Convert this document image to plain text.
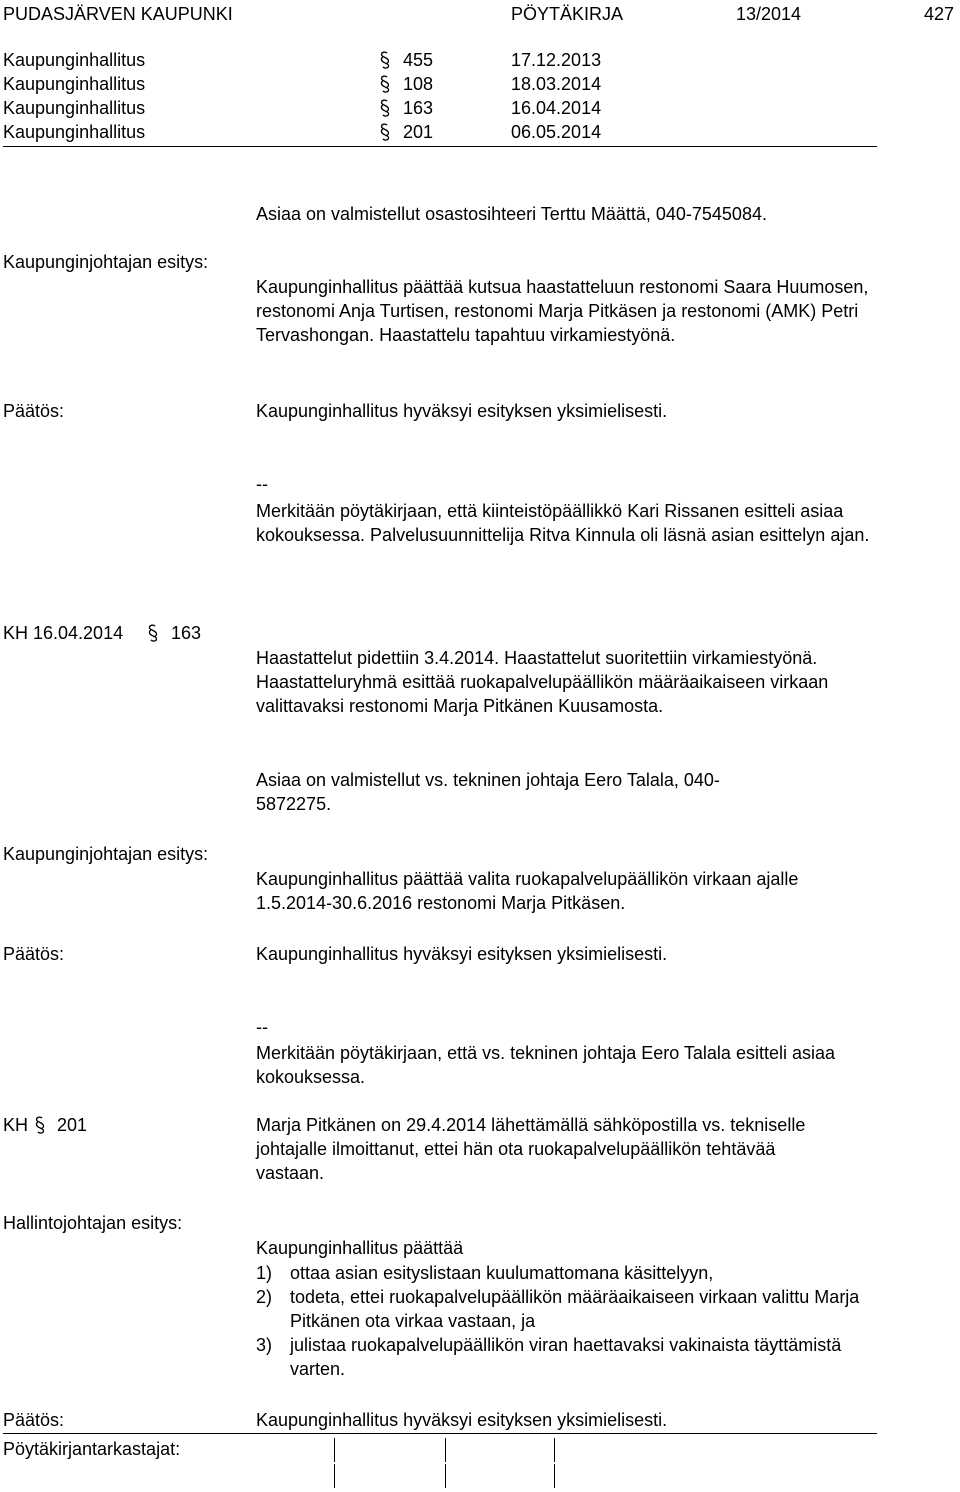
PUDASJÄRVEN KAUPUNKI	PÖYTÄKIRJA	13/2014	427
Kaupunginhallitus	455	17.12.2013
Kaupunginhallitus	108	18.03.2014
Kaupunginhallitus	163	16.04.2014
Kaupunginhallitus	201	06.05.2014
Asiaa on valmistellut osastosihteeri Terttu Määttä, 040-7545084.
Kaupunginjohtajan esitys:
Kaupunginhallitus päättää kutsua haastatteluun restonomi Saara Huumosen, restonomi Anja Turtisen, restonomi Marja Pitkäsen ja restonomi (AMK) Petri Tervashongan. Haastattelu tapahtuu virkamiestyönä.
Päätös:	Kaupunginhallitus hyväksyi esityksen yksimielisesti.
--
Merkitään pöytäkirjaan, että kiinteistöpäällikkö Kari Rissanen esitteli asiaa kokouksessa. Palvelusuunnittelija Ritva Kinnula oli läsnä asian esittelyn ajan.
KH 16.04.2014	163
Haastattelut pidettiin 3.4.2014. Haastattelut suoritettiin virkamiestyönä. Haastatteluryhmä esittää ruokapalvelupäällikön määräaikaiseen virkaan valittavaksi restonomi Marja Pitkänen Kuusamosta.
Asiaa on valmistellut vs. tekninen johtaja Eero Talala, 040-5872275.
Kaupunginjohtajan esitys:
Kaupunginhallitus päättää valita ruokapalvelupäällikön virkaan ajalle 1.5.2014-30.6.2016 restonomi Marja Pitkäsen.
Päätös:	Kaupunginhallitus hyväksyi esityksen yksimielisesti.
--
Merkitään pöytäkirjaan, että vs. tekninen johtaja Eero Talala esitteli asiaa kokouksessa.
KH 201	Marja Pitkänen on 29.4.2014 lähettämällä sähköpostilla vs. tekniselle johtajalle ilmoittanut, ettei hän ota ruokapalvelupäällikön tehtävää vastaan.
Hallintojohtajan esitys:
Kaupunginhallitus päättää
1) ottaa asian esityslistaan kuulumattomana käsittelyyn,
2) todeta, ettei ruokapalvelupäällikön määräaikaiseen virkaan valittu Marja Pitkänen ota virkaa vastaan, ja
3) julistaa ruokapalvelupäällikön viran haettavaksi vakinaista täyttämistä varten.
Päätös:	Kaupunginhallitus hyväksyi esityksen yksimielisesti.
Pöytäkirjantarkastajat:
